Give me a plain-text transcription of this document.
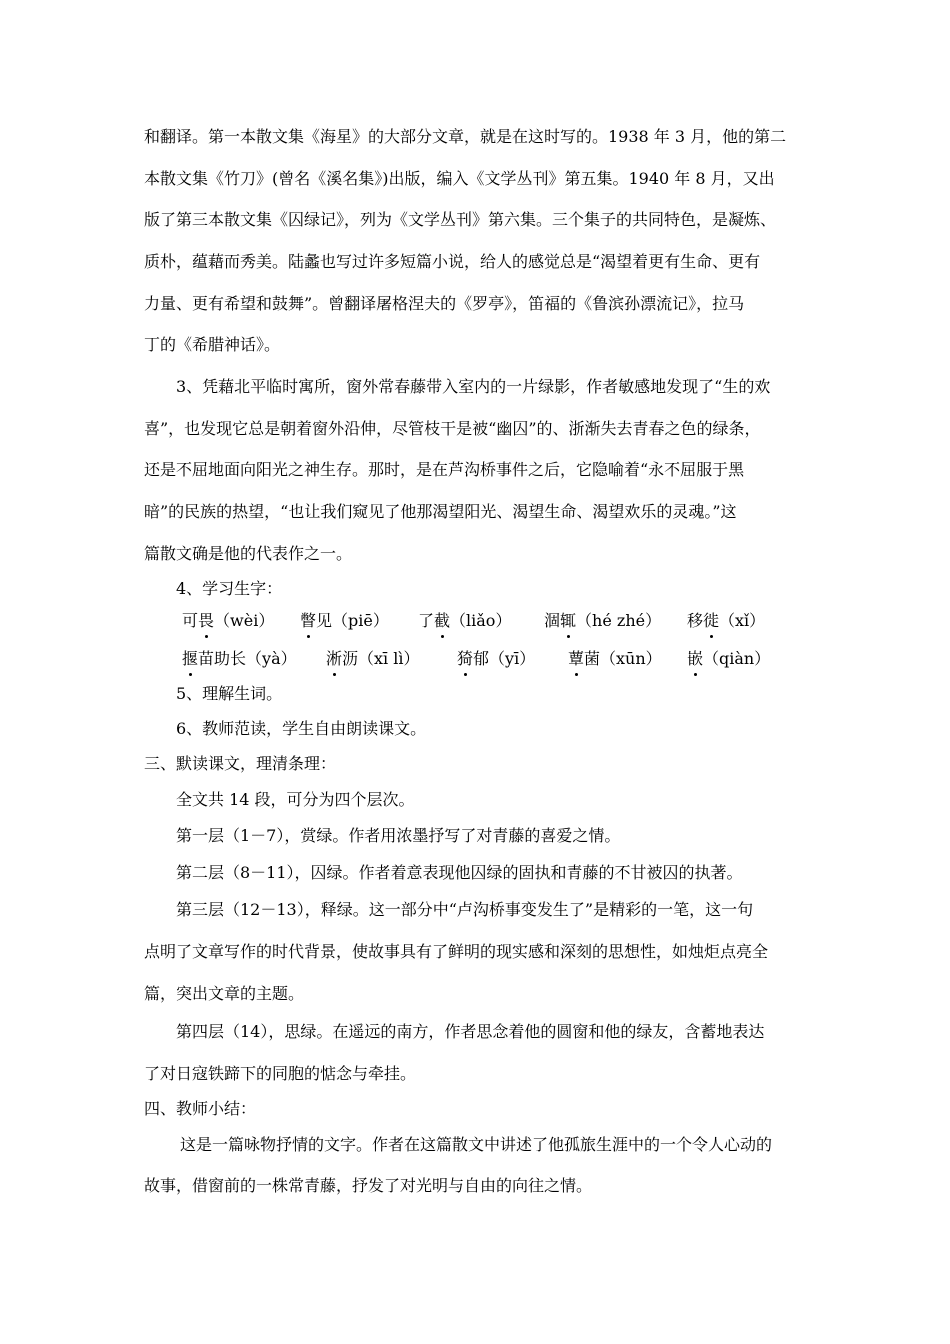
和翻译。第一本散文集《海星》的大部分文章，就是在这时写的。1938 年 3 月，他的第二
本散文集《竹刀》(曾名《溪名集》)出版，编入《文学丛刊》第五集。1940 年 8 月，又出
版了第三本散文集《囚绿记》，列为《文学丛刊》第六集。三个集子的共同特色，是凝炼、
质朴，蕴藉而秀美。陆蠡也写过许多短篇小说，给人的感觉总是“渴望着更有生命、更有
力量、更有希望和鼓舞”。曾翻译屠格涅夫的《罗亭》，笛福的《鲁滨孙漂流记》，拉马
丁的《希腊神话》。
3、凭藉北平临时寓所，窗外常春藤带入室内的一片绿影，作者敏感地发现了“生的欢
喜”，也发现它总是朝着窗外沿伸，尽管枝干是被“幽囚”的、浙渐失去青春之色的绿条，
还是不屈地面向阳光之神生存。那时，是在芦沟桥事件之后，它隐喻着“永不屈服于黑
暗”的民族的热望，“也让我们窥见了他那渴望阳光、渴望生命、渴望欢乐的灵魂。”这
篇散文确是他的代表作之一。
4、学习生字：
可畏（wèi） 瞥见（piē） 了截（liǎo） 涸辄（hé zhé） 移徙（xǐ）
揠苗助长（yà） 淅沥（xī lì） 猗郁（yī） 蕈菌（xūn） 嵌（qiàn）
5、理解生词。
6、教师范读，学生自由朗读课文。
三、默读课文，理清条理：
全文共 14 段，可分为四个层次。
第一层（1－7），赏绿。作者用浓墨抒写了对青藤的喜爱之情。
第二层（8－11），囚绿。作者着意表现他囚绿的固执和青藤的不甘被囚的执著。
第三层（12－13），释绿。这一部分中“卢沟桥事变发生了”是精彩的一笔，这一句
点明了文章写作的时代背景，使故事具有了鲜明的现实感和深刻的思想性，如烛炬点亮全
篇，突出文章的主题。
第四层（14），思绿。在遥远的南方，作者思念着他的圆窗和他的绿友，含蓄地表达
了对日寇铁蹄下的同胞的惦念与牵挂。
四、教师小结：
这是一篇咏物抒情的文字。作者在这篇散文中讲述了他孤旅生涯中的一个令人心动的
故事，借窗前的一株常青藤，抒发了对光明与自由的向往之情。
